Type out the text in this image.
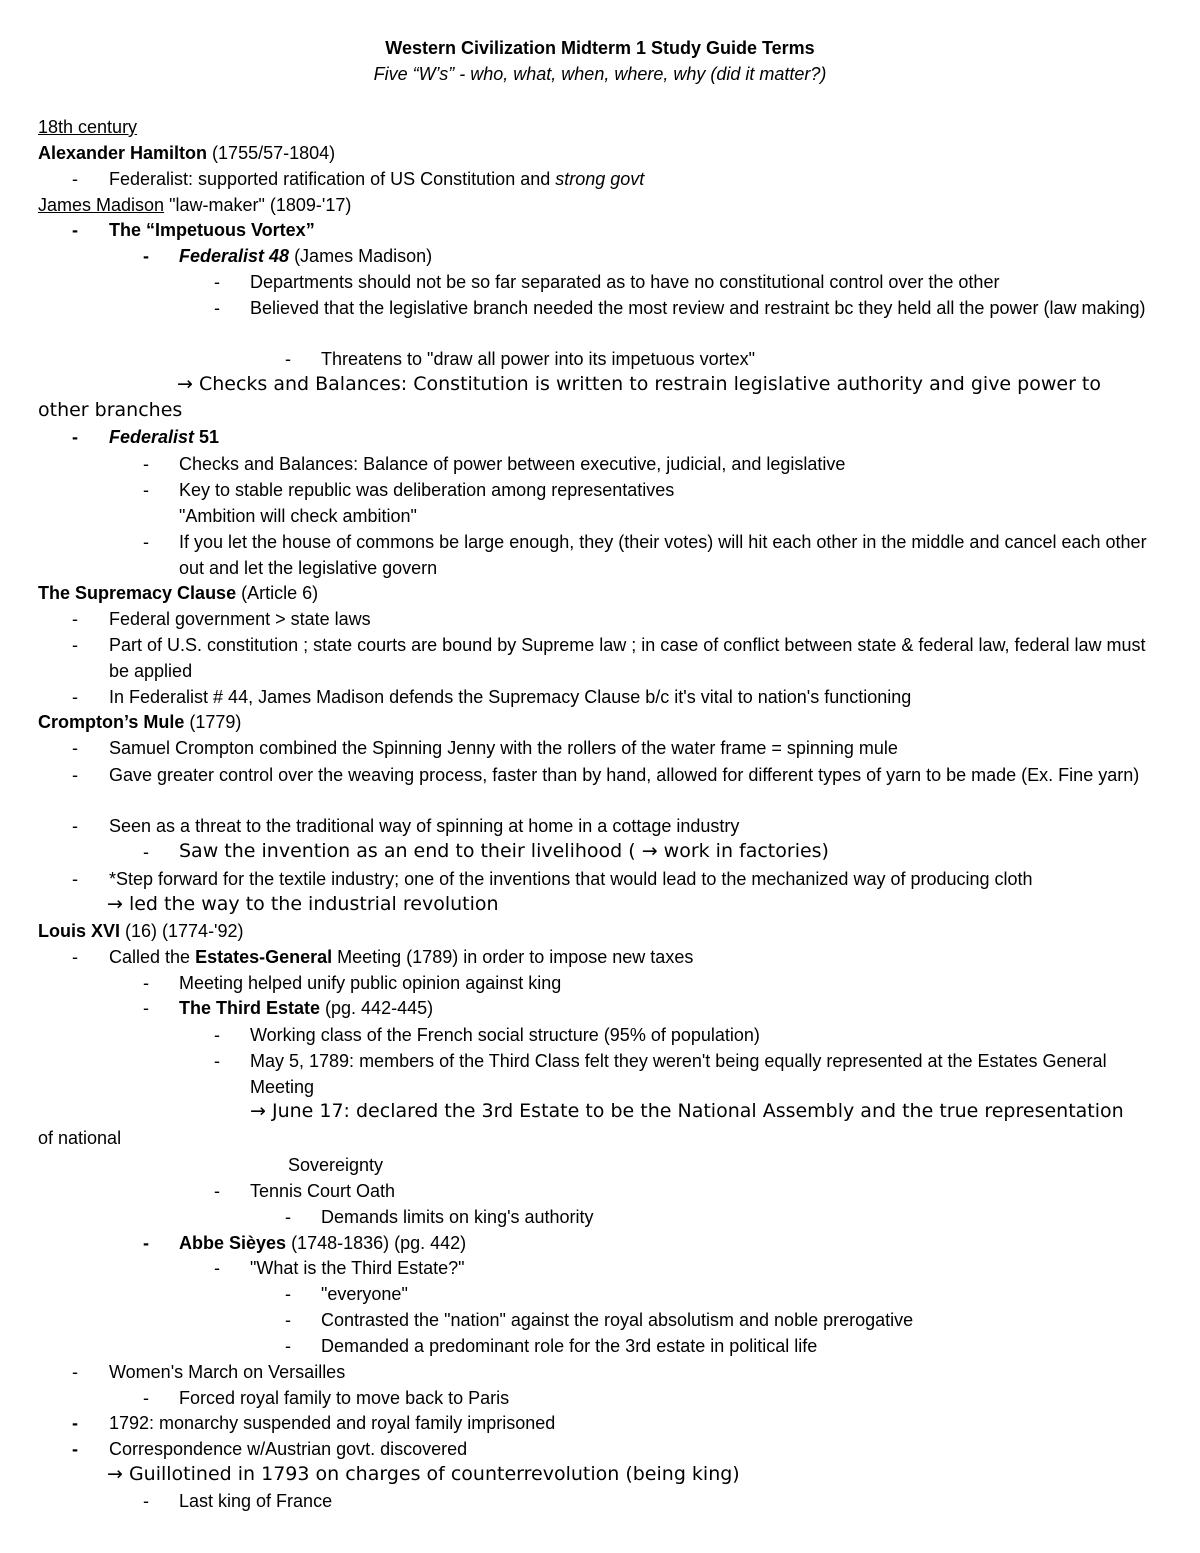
Western Civilization Midterm 1 Study Guide Terms
Five “W’s” - who, what, when, where, why (did it matter?)
18th century
Alexander Hamilton (1755/57-1804)
- Federalist: supported ratification of US Constitution and strong govt
James Madison "law-maker" (1809-'17)
- The “Impetuous Vortex”
- Federalist 48 (James Madison)
- Departments should not be so far separated as to have no constitutional control over the other
- Believed that the legislative branch needed the most review and restraint bc they held all the power (law making)
- Threatens to "draw all power into its impetuous vortex"
→ Checks and Balances: Constitution is written to restrain legislative authority and give power to
other branches
- Federalist 51
- Checks and Balances: Balance of power between executive, judicial, and legislative
- Key to stable republic was deliberation among representatives
"Ambition will check ambition"
- If you let the house of commons be large enough, they (their votes) will hit each other in the middle and cancel each other out and let the legislative govern
The Supremacy Clause (Article 6)
- Federal government > state laws
- Part of U.S. constitution ; state courts are bound by Supreme law ; in case of conflict between state & federal law, federal law must be applied
- In Federalist # 44, James Madison defends the Supremacy Clause b/c it's vital to nation's functioning
Crompton’s Mule (1779)
- Samuel Crompton combined the Spinning Jenny with the rollers of the water frame = spinning mule
- Gave greater control over the weaving process, faster than by hand, allowed for different types of yarn to be made (Ex. Fine yarn)
- Seen as a threat to the traditional way of spinning at home in a cottage industry
- Saw the invention as an end to their livelihood ( → work in factories)
- *Step forward for the textile industry; one of the inventions that would lead to the mechanized way of producing cloth
→ led the way to the industrial revolution
Louis XVI (16) (1774-'92)
- Called the Estates-General Meeting (1789) in order to impose new taxes
- Meeting helped unify public opinion against king
- The Third Estate (pg. 442-445)
- Working class of the French social structure (95% of population)
- May 5, 1789: members of the Third Class felt they weren't being equally represented at the Estates General Meeting
→ June 17: declared the 3rd Estate to be the National Assembly and the true representation
of national
Sovereignty
- Tennis Court Oath
- Demands limits on king's authority
- Abbe Sièyes (1748-1836) (pg. 442)
- "What is the Third Estate?"
- "everyone"
- Contrasted the "nation" against the royal absolutism and noble prerogative
- Demanded a predominant role for the 3rd estate in political life
- Women's March on Versailles
- Forced royal family to move back to Paris
- 1792: monarchy suspended and royal family imprisoned
- Correspondence w/Austrian govt. discovered
→ Guillotined in 1793 on charges of counterrevolution (being king)
- Last king of France
